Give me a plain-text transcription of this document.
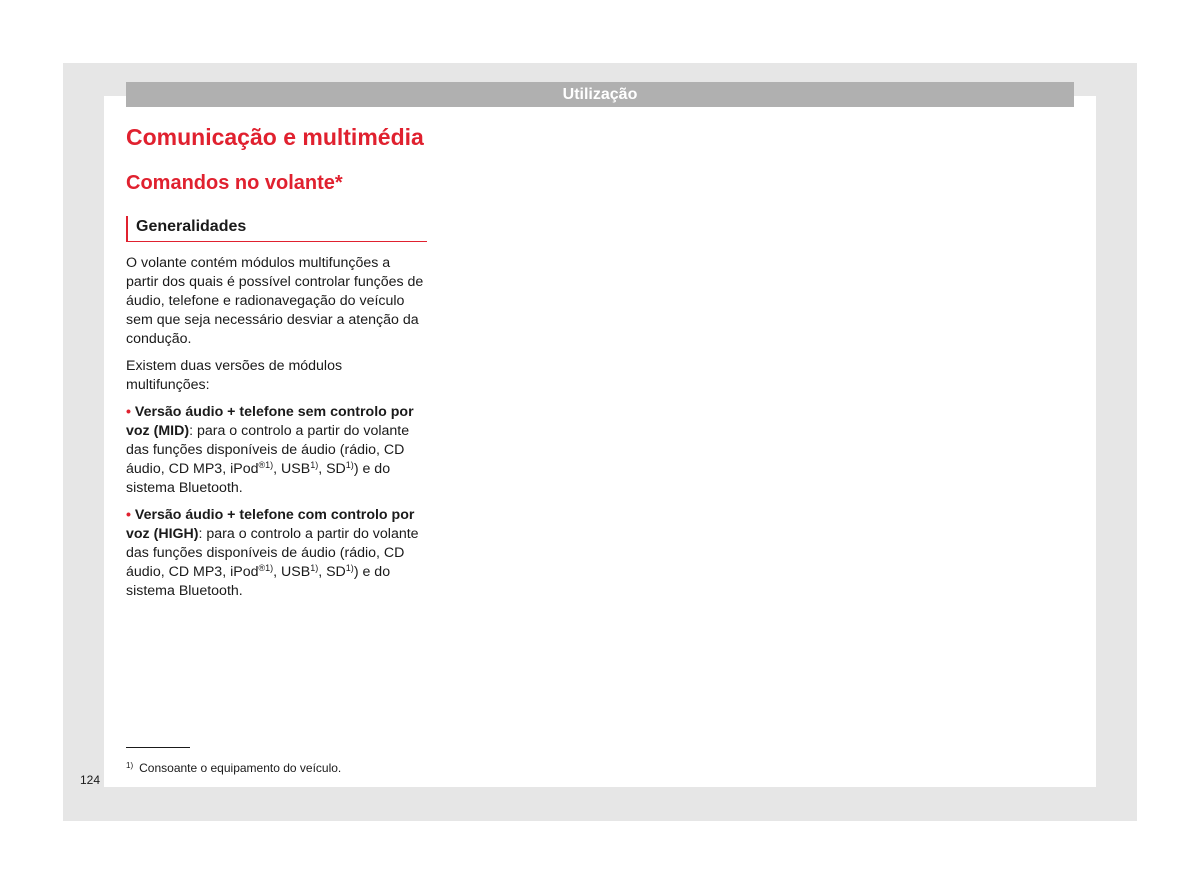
Utilização
Comunicação e multimédia
Comandos no volante*
Generalidades

O volante contém módulos multifunções a partir dos quais é possível controlar funções de áudio, telefone e radionavegação do veículo sem que seja necessário desviar a atenção da condução.

Existem duas versões de módulos multifunções:

• Versão áudio + telefone sem controlo por voz (MID): para o controlo a partir do volante das funções disponíveis de áudio (rádio, CD áudio, CD MP3, iPod$^{®1)}$, USB$^{1)}$, SD$^{1)}$) e do sistema Bluetooth.

• Versão áudio + telefone com controlo por voz (HIGH): para o controlo a partir do volante das funções disponíveis de áudio (rádio, CD áudio, CD MP3, iPod$^{®1)}$, USB$^{1)}$, SD$^{1)}$) e do sistema Bluetooth.

$^{1)}$ Consoante o equipamento do veículo.
124
